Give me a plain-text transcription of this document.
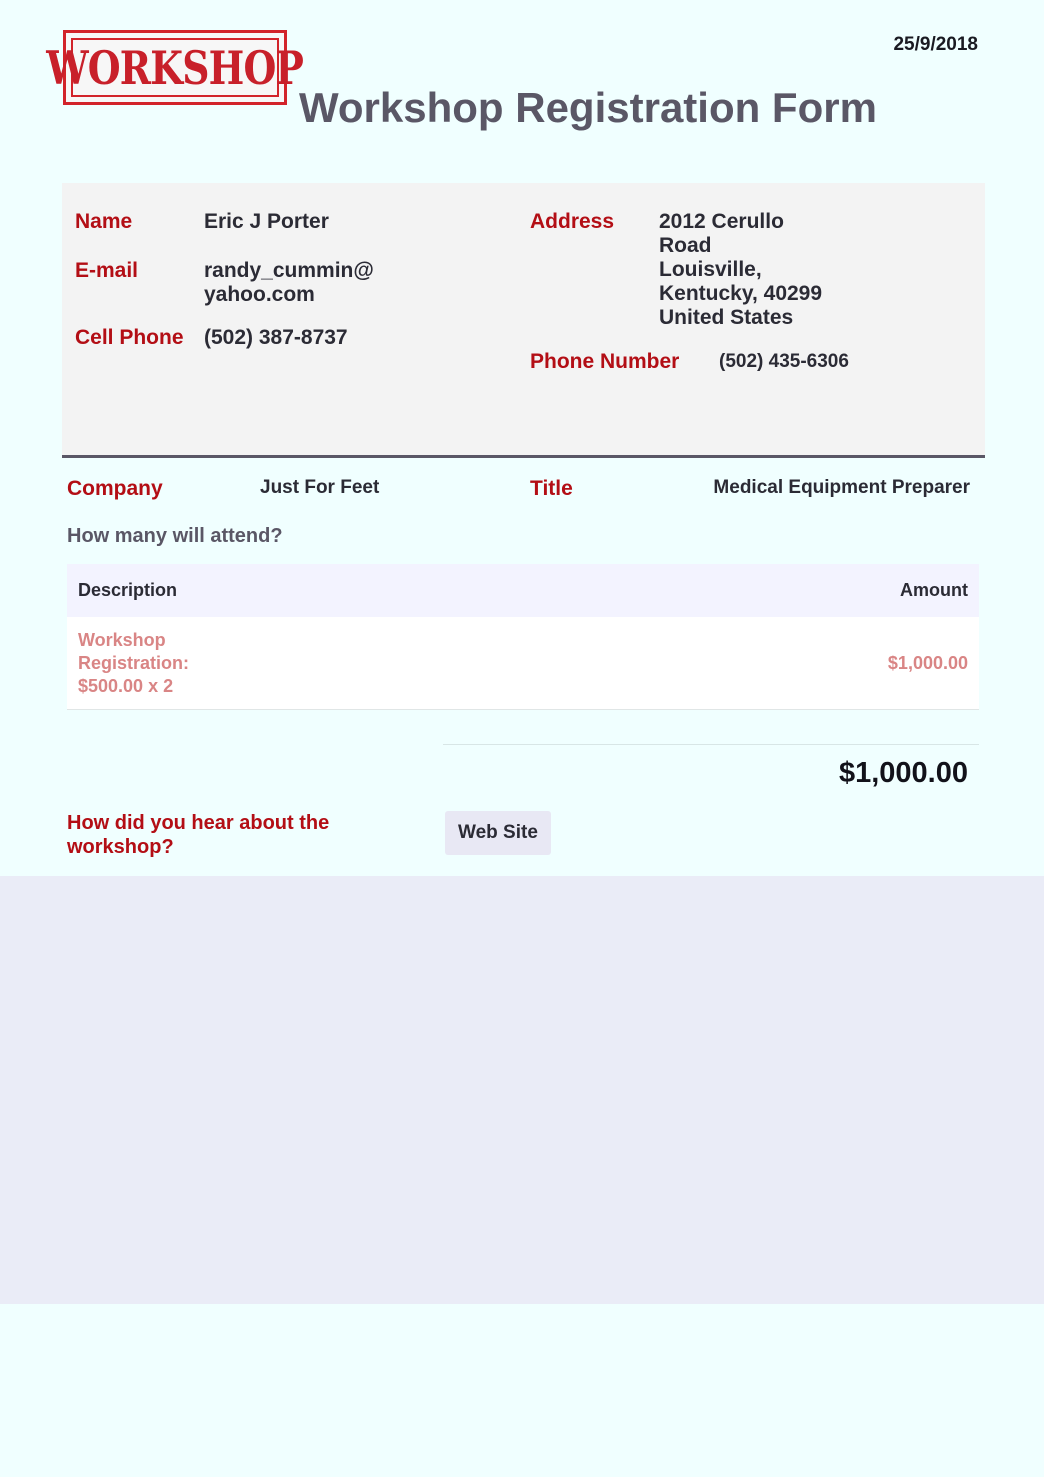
WORKSHOP	25/9/2018
Workshop Registration Form
Name	Eric J Porter
E-mail	randy_cummin@
yahoo.com
Cell Phone (502) 387-8737
Address 2012 Cerullo
Road
Louisville,
Kentucky, 40299
United States
Phone Number (502) 435-6306
Company	Just For Feet	Title	Medical Equipment Preparer
How many will attend?
Description	Amount
Workshop
Registration:
$500.00 x 2
$1,000.00
$1,000.00
How did you hear about the workshop?
Web Site
